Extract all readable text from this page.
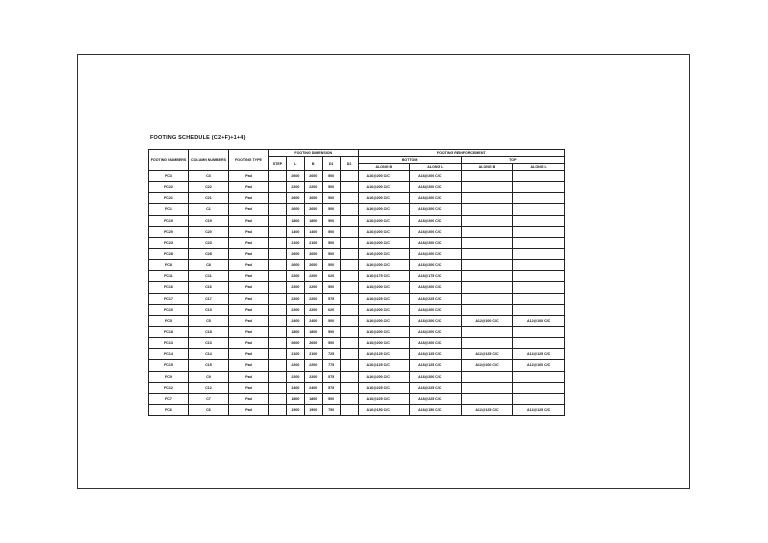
FOOTING SCHEDULE (C2+F)+1+4)
FOOTING NUMBERS	COLUMN NUMBERS	FOOTING TYPE	FOOTING DIMENSION					FOOTING REINFORCEMENT			
			STEP	L	B	D1	D2	BOTTOM		TOP	
								ALONG B	ALONG L	ALONG B	ALONG L
FC3	C3	Pad		2600	2600	500		A16@200 C/C	A16@200 C/C		
FC22	C22	Pad		2200	2200	500		A16@200 C/C	A16@200 C/C		
FC21	C21	Pad		2600	2600	500		A16@200 C/C	A16@200 C/C		
FC1	C1	Pad		2600	2600	500		A16@200 C/C	A16@200 C/C		
FC19	C19	Pad		1800	1800	500		A16@200 C/C	A16@200 C/C		
FC20	C20	Pad		1400	1400	500		A16@200 C/C	A16@200 C/C		
FC23	C23	Pad		2100	2100	500		A16@200 C/C	A16@200 C/C		
FC28	C28	Pad		2600	2600	500		A16@200 C/C	A16@200 C/C		
FC8	C8	Pad		2600	2600	500		A16@200 C/C	A16@200 C/C		
FC11	C11	Pad		2200	2200	620		A16@175 C/C	A16@175 C/C		
FC16	C16	Pad		2200	2200	500		A16@200 C/C	A16@200 C/C		
FC17	C17	Pad		2200	2200	575		A16@225 C/C	A16@225 C/C		
FC10	C10	Pad		2200	2200	620		A16@200 C/C	A16@200 C/C		
FC5	C5	Pad		2400	2400	500		A16@200 C/C	A16@200 C/C	A12@100 C/C	A12@100 C/C
FC18	C18	Pad		1800	1800	500		A16@200 C/C	A16@200 C/C		
FC13	C13	Pad		2600	2600	500		A16@200 C/C	A16@200 C/C		
FC14	C14	Pad		2100	2100	725		A16@125 C/C	A16@125 C/C	A12@125 C/C	A12@125 C/C
FC15	C15	Pad		2200	2200	775		A16@125 C/C	A16@125 C/C	A12@100 C/C	A12@100 C/C
FC9	C9	Pad		2200	2200	575		A16@200 C/C	A16@200 C/C		
FC12	C12	Pad		2400	2400	575		A16@225 C/C	A16@225 C/C		
FC7	C7	Pad		1800	1800	500		A16@225 C/C	A16@225 C/C		
FC6	C6	Pad		1900	1900	750		A16@150 C/C	A16@150 C/C	A12@125 C/C	A12@125 C/C
